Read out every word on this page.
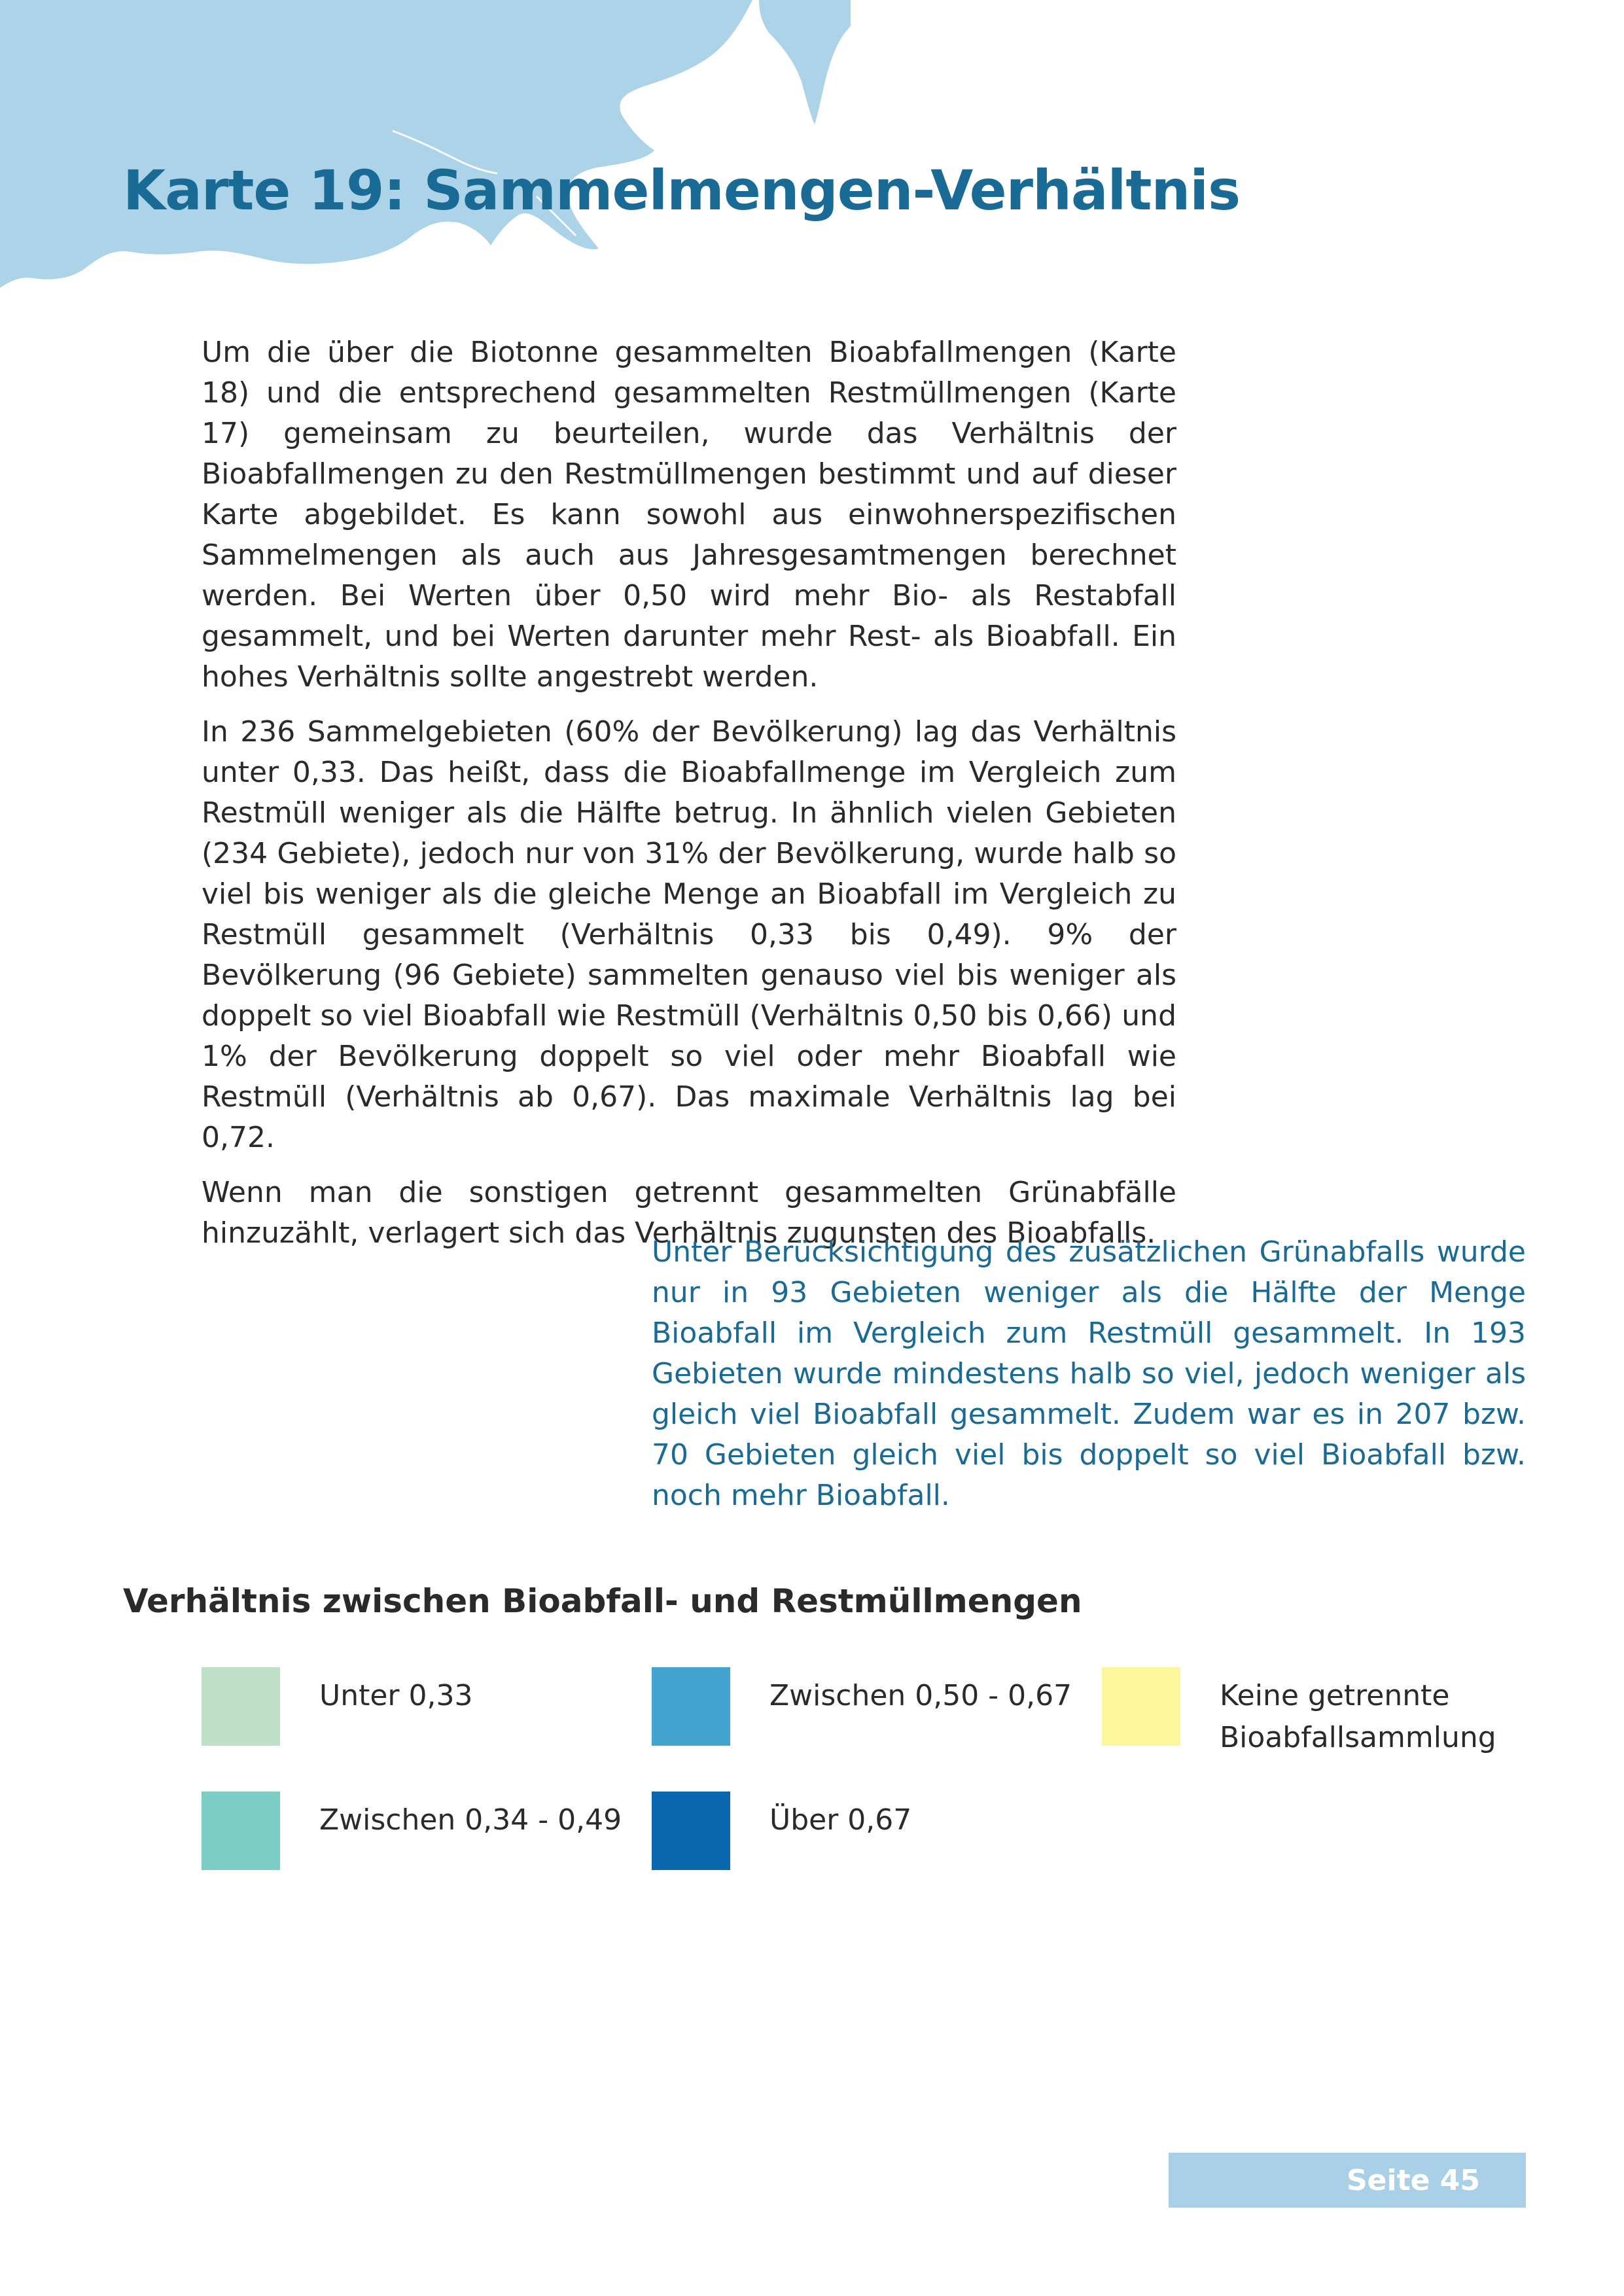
Karte 19: Sammelmengen-Verhältnis

Um die über die Biotonne gesammelten Bioabfallmengen (Karte 18) und die entsprechend gesammelten Restmüllmengen (Karte 17) gemeinsam zu beurteilen, wurde das Verhältnis der Bioabfallmengen zu den Restmüllmengen bestimmt und auf dieser Karte abgebildet. Es kann sowohl aus einwohnerspezifischen Sammelmengen als auch aus Jahresgesamtmengen berechnet werden. Bei Werten über 0,50 wird mehr Bio- als Restabfall gesammelt, und bei Werten darunter mehr Rest- als Bioabfall. Ein hohes Verhältnis sollte angestrebt werden.

In 236 Sammelgebieten (60% der Bevölkerung) lag das Verhältnis unter 0,33. Das heißt, dass die Bioabfallmenge im Vergleich zum Restmüll weniger als die Hälfte betrug. In ähnlich vielen Gebieten (234 Gebiete), jedoch nur von 31% der Bevölkerung, wurde halb so viel bis weniger als die gleiche Menge an Bioabfall im Vergleich zu Restmüll gesammelt (Verhältnis 0,33 bis 0,49). 9% der Bevölkerung (96 Gebiete) sammelten genauso viel bis weniger als doppelt so viel Bioabfall wie Restmüll (Verhältnis 0,50 bis 0,66) und 1% der Bevölkerung doppelt so viel oder mehr Bioabfall wie Restmüll (Verhältnis ab 0,67). Das maximale Verhältnis lag bei 0,72.

Wenn man die sonstigen getrennt gesammelten Grünabfälle hinzuzählt, verlagert sich das Verhältnis zugunsten des Bioabfalls.

Unter Berücksichtigung des zusätzlichen Grünabfalls wurde nur in 93 Gebieten weniger als die Hälfte der Menge Bioabfall im Vergleich zum Restmüll gesammelt. In 193 Gebieten wurde mindestens halb so viel, jedoch weniger als gleich viel Bioabfall gesammelt. Zudem war es in 207 bzw. 70 Gebieten gleich viel bis doppelt so viel Bioabfall bzw. noch mehr Bioabfall.

Verhältnis zwischen Bioabfall- und Restmüllmengen
Unter 0,33
Zwischen 0,34 - 0,49
Zwischen 0,50 - 0,67
Über 0,67
Keine getrennte Bioabfallsammlung
Seite 45
